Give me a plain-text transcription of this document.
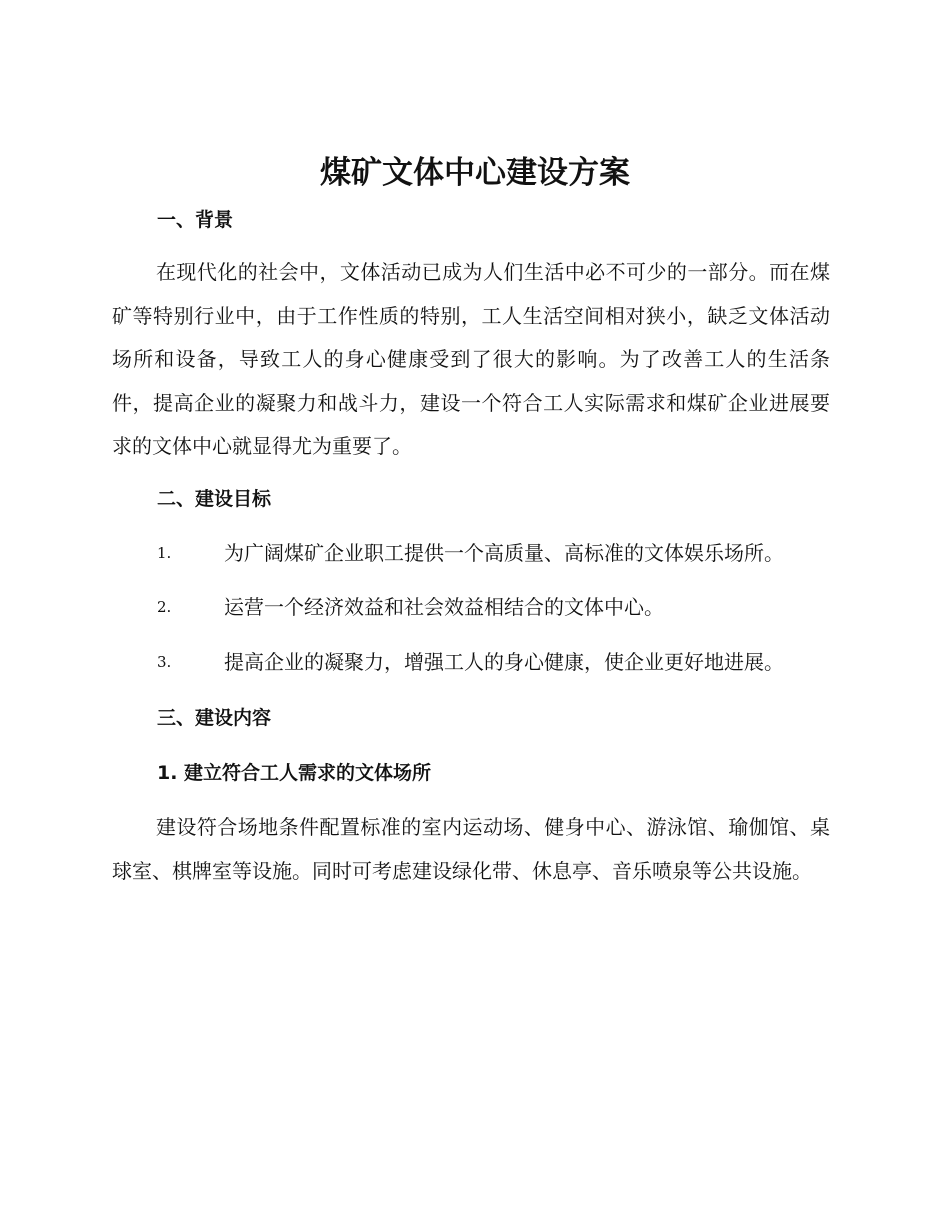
煤矿文体中心建设方案
一、背景

在现代化的社会中，文体活动已成为人们生活中必不可少的一部分。而在煤矿等特别行业中，由于工作性质的特别，工人生活空间相对狭小，缺乏文体活动场所和设备，导致工人的身心健康受到了很大的影响。为了改善工人的生活条件，提高企业的凝聚力和战斗力，建设一个符合工人实际需求和煤矿企业进展要求的文体中心就显得尤为重要了。

二、建设目标
1.	为广阔煤矿企业职工提供一个高质量、高标准的文体娱乐场所。
2.	运营一个经济效益和社会效益相结合的文体中心。
3.	提高企业的凝聚力，增强工人的身心健康，使企业更好地进展。
三、建设内容
1. 建立符合工人需求的文体场所

建设符合场地条件配置标准的室内运动场、健身中心、游泳馆、瑜伽馆、桌球室、棋牌室等设施。同时可考虑建设绿化带、休息亭、音乐喷泉等公共设施。
